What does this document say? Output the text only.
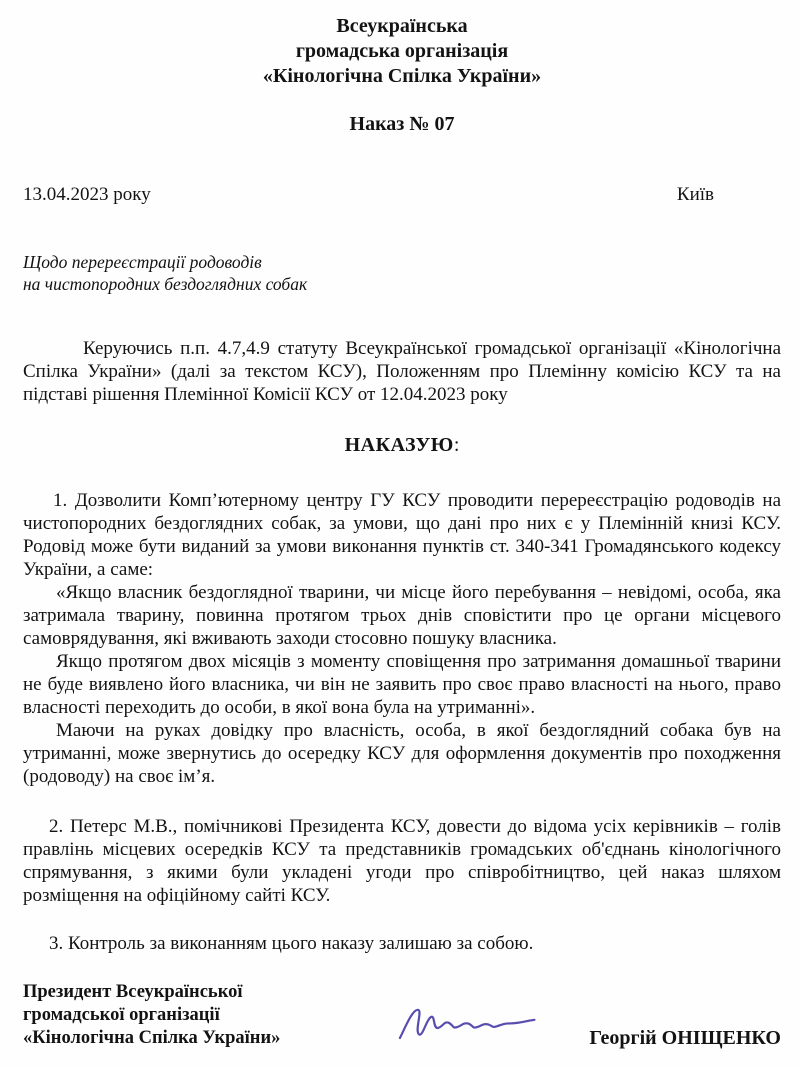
Всеукраїнська
громадська організація
«Кінологічна Спілка України»
Наказ № 07
13.04.2023 року	Київ
Щодо перереєстрації родоводів
на чистопородних бездоглядних собак
Керуючись п.п. 4.7,4.9 статуту Всеукраїнської громадської організації «Кінологічна Спілка України» (далі за текстом КСУ), Положенням про Племінну комісію КСУ та на підставі рішення Племінної Комісії КСУ от 12.04.2023 року
НАКАЗУЮ:

1. Дозволити Комп’ютерному центру ГУ КСУ проводити перереєстрацію родоводів на чистопородних бездоглядних собак, за умови, що дані про них є у Племінній книзі КСУ. Родовід може бути виданий за умови виконання пунктів ст. 340-341 Громадянського кодексу України, а саме:

«Якщо власник бездоглядної тварини, чи місце його перебування – невідомі, особа, яка затримала тварину, повинна протягом трьох днів сповістити про це органи місцевого самоврядування, які вживають заходи стосовно пошуку власника.

Якщо протягом двох місяців з моменту сповіщення про затримання домашньої тварини не буде виявлено його власника, чи він не заявить про своє право власності на нього, право власності переходить до особи, в якої вона була на утриманні».

Маючи на руках довідку про власність, особа, в якої бездоглядний собака був на утриманні, може звернутись до осередку КСУ для оформлення документів про походження (родоводу) на своє ім’я.

2. Петерс М.В., помічникові Президента КСУ, довести до відома усіх керівників – голів правлінь місцевих осередків КСУ та представників громадських об'єднань кінологічного спрямування, з якими були укладені угоди про співробітництво, цей наказ шляхом розміщення на офіційному сайті КСУ.

3. Контроль за виконанням цього наказу залишаю за собою.

Президент Всеукраїнської
громадської організації
«Кінологічна Спілка України»	Георгій ОНІЩЕНКО
